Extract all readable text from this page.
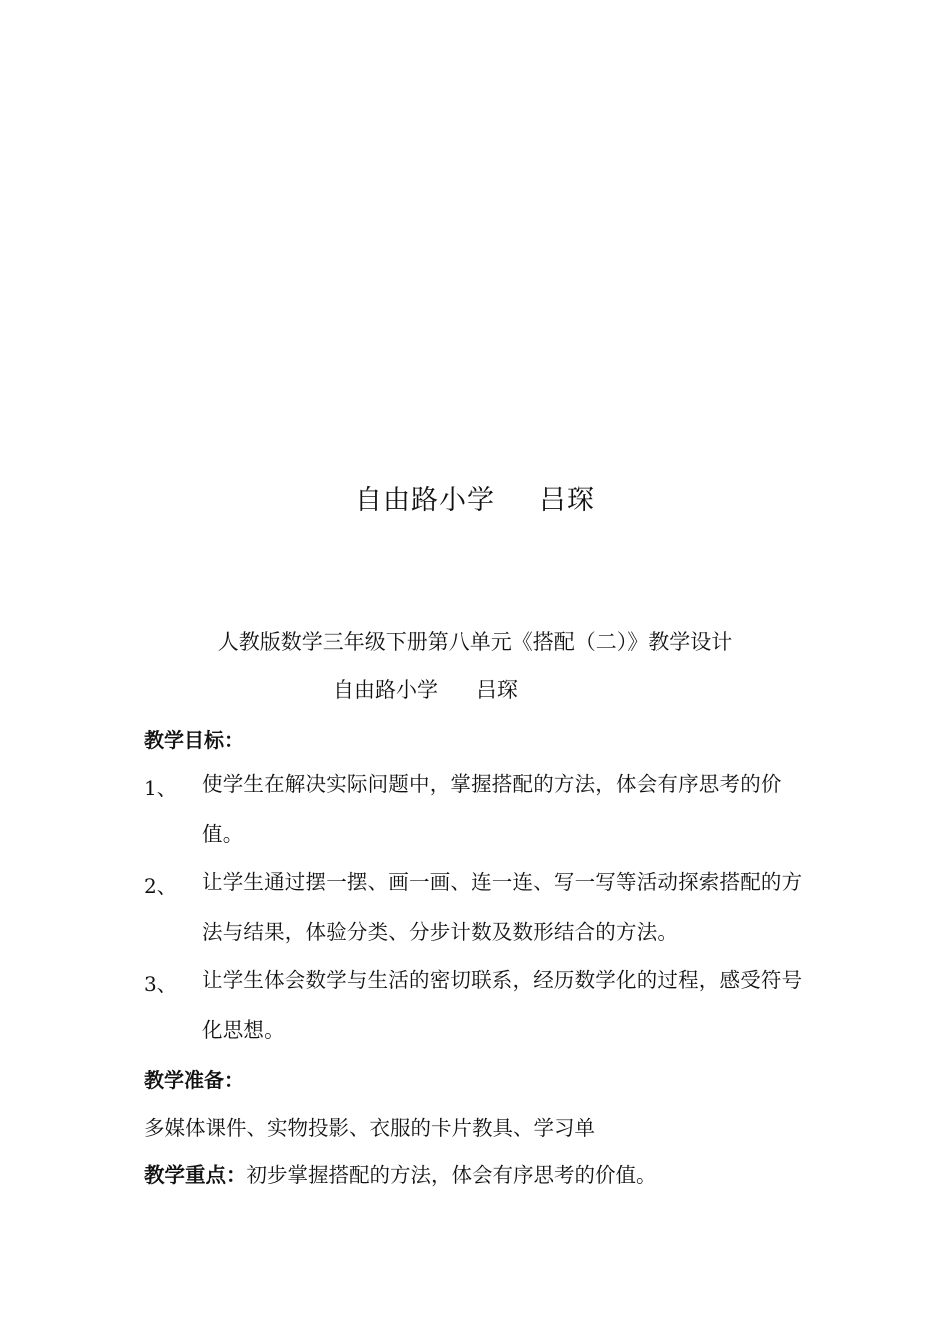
自由路小学 吕琛
人教版数学三年级下册第八单元《搭配（二）》教学设计
自由路小学 吕琛
教学目标：
1、 使学生在解决实际问题中，掌握搭配的方法，体会有序思考的价值。
2、 让学生通过摆一摆、画一画、连一连、写一写等活动探索搭配的方法与结果，体验分类、分步计数及数形结合的方法。
3、 让学生体会数学与生活的密切联系，经历数学化的过程，感受符号化思想。
教学准备：
多媒体课件、实物投影、衣服的卡片教具、学习单
教学重点：初步掌握搭配的方法，体会有序思考的价值。
